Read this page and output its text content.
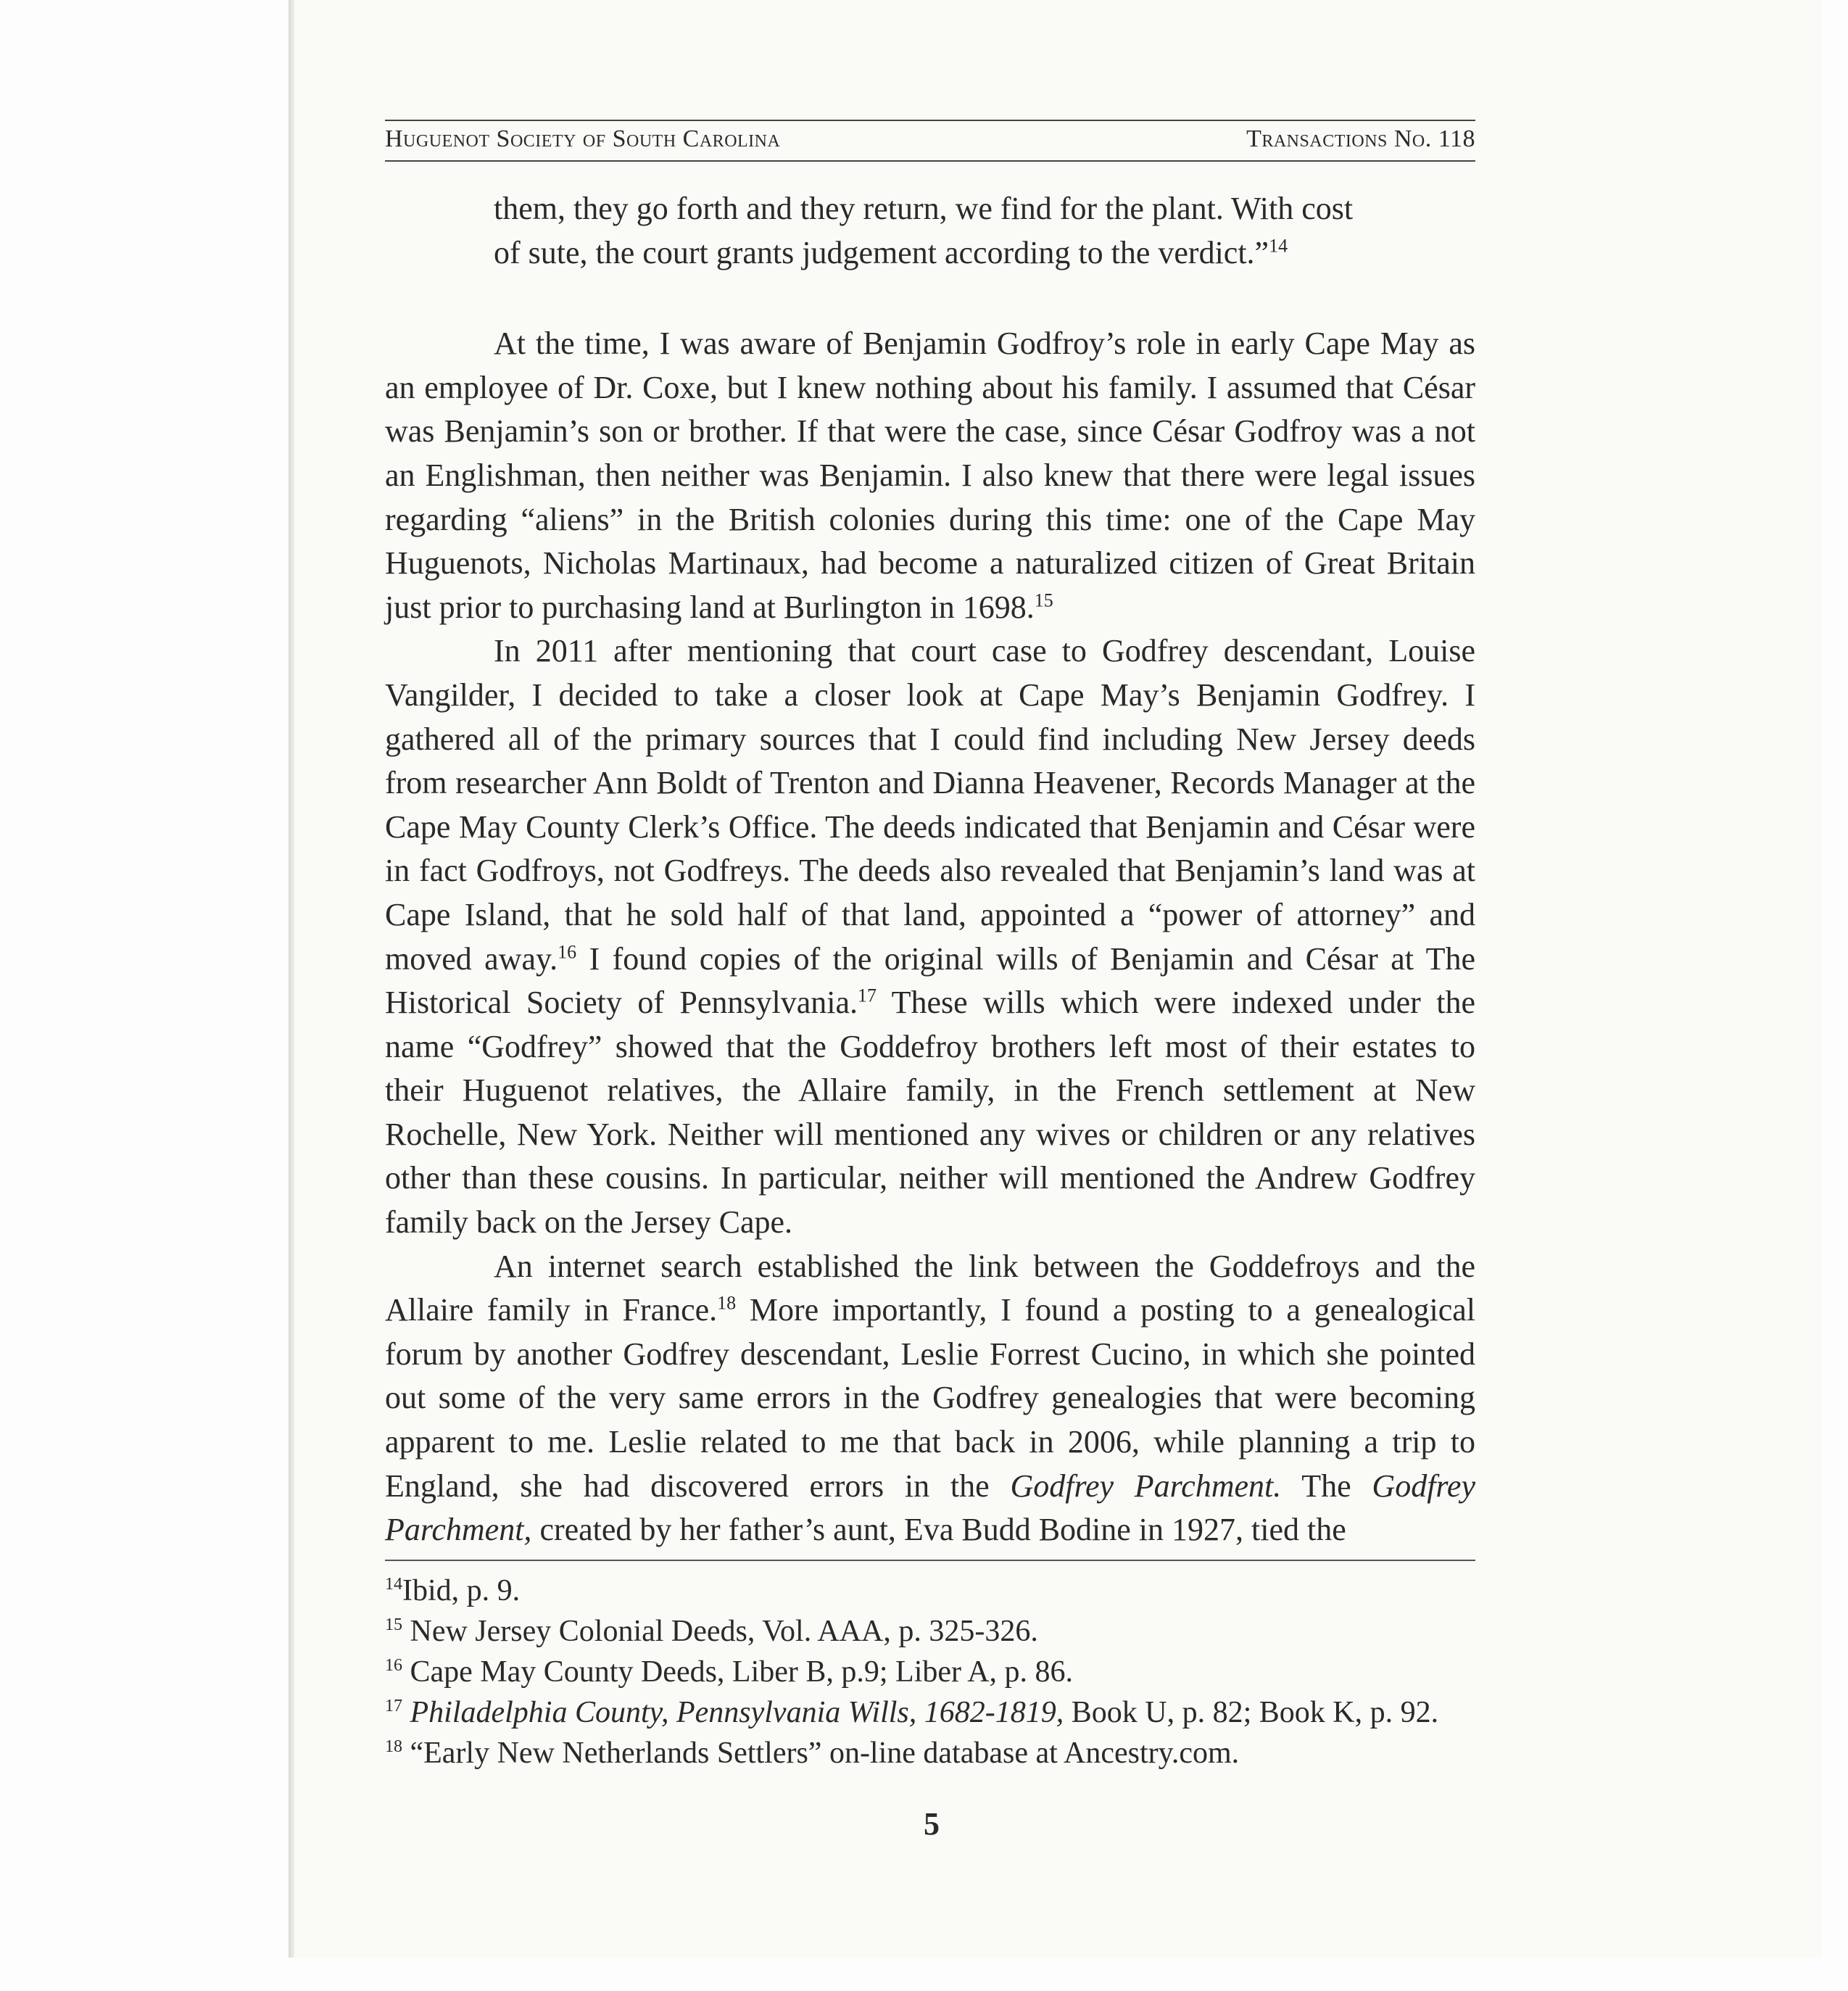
Huguenot Society of South Carolina	Transactions No. 118

them, they go forth and they return, we find for the plant. With cost
of sute, the court grants judgement according to the verdict.”$^{14}$

At the time, I was aware of Benjamin Godfroy’s role in early Cape May as an employee of Dr. Coxe, but I knew nothing about his family. I assumed that César was Benjamin’s son or brother. If that were the case, since César Godfroy was a not an Englishman, then neither was Benjamin. I also knew that there were legal issues regarding “aliens” in the British colonies during this time: one of the Cape May Huguenots, Nicholas Martinaux, had become a naturalized citizen of Great Britain just prior to purchasing land at Burlington in 1698.15

In 2011 after mentioning that court case to Godfrey descendant, Louise Vangilder, I decided to take a closer look at Cape May’s Benjamin Godfrey. I gathered all of the primary sources that I could find including New Jersey deeds from researcher Ann Boldt of Trenton and Dianna Heavener, Records Manager at the Cape May County Clerk’s Office. The deeds indicated that Benjamin and César were in fact Godfroys, not Godfreys. The deeds also revealed that Benjamin’s land was at Cape Island, that he sold half of that land, appointed a “power of attorney” and moved away.$^{16}$ I found copies of the original wills of Benjamin and César at The Historical Society of Pennsylvania.$^{17}$ These wills which were indexed under the name “Godfrey” showed that the Goddefroy brothers left most of their estates to their Huguenot relatives, the Allaire family, in the French settlement at New Rochelle, New York. Neither will mentioned any wives or children or any relatives other than these cousins. In particular, neither will mentioned the Andrew Godfrey family back on the Jersey Cape.

An internet search established the link between the Goddefroys and the Allaire family in France.$^{18}$ More importantly, I found a posting to a genealogical forum by another Godfrey descendant, Leslie Forrest Cucino, in which she pointed out some of the very same errors in the Godfrey genealogies that were becoming apparent to me. Leslie related to me that back in 2006, while planning a trip to England, she had discovered errors in the Godfrey Parchment. The Godfrey Parchment, created by her father’s aunt, Eva Budd Bodine in 1927, tied the

$^{14}$Ibid, p. 9.

$^{15}$ New Jersey Colonial Deeds, Vol. AAA, p. 325-326.

$^{16}$ Cape May County Deeds, Liber B, p.9; Liber A, p. 86.

$^{17}$ Philadelphia County, Pennsylvania Wills, 1682-1819, Book U, p. 82; Book K, p. 92.

$^{18}$ “Early New Netherlands Settlers” on-line database at Ancestry.com.

5
